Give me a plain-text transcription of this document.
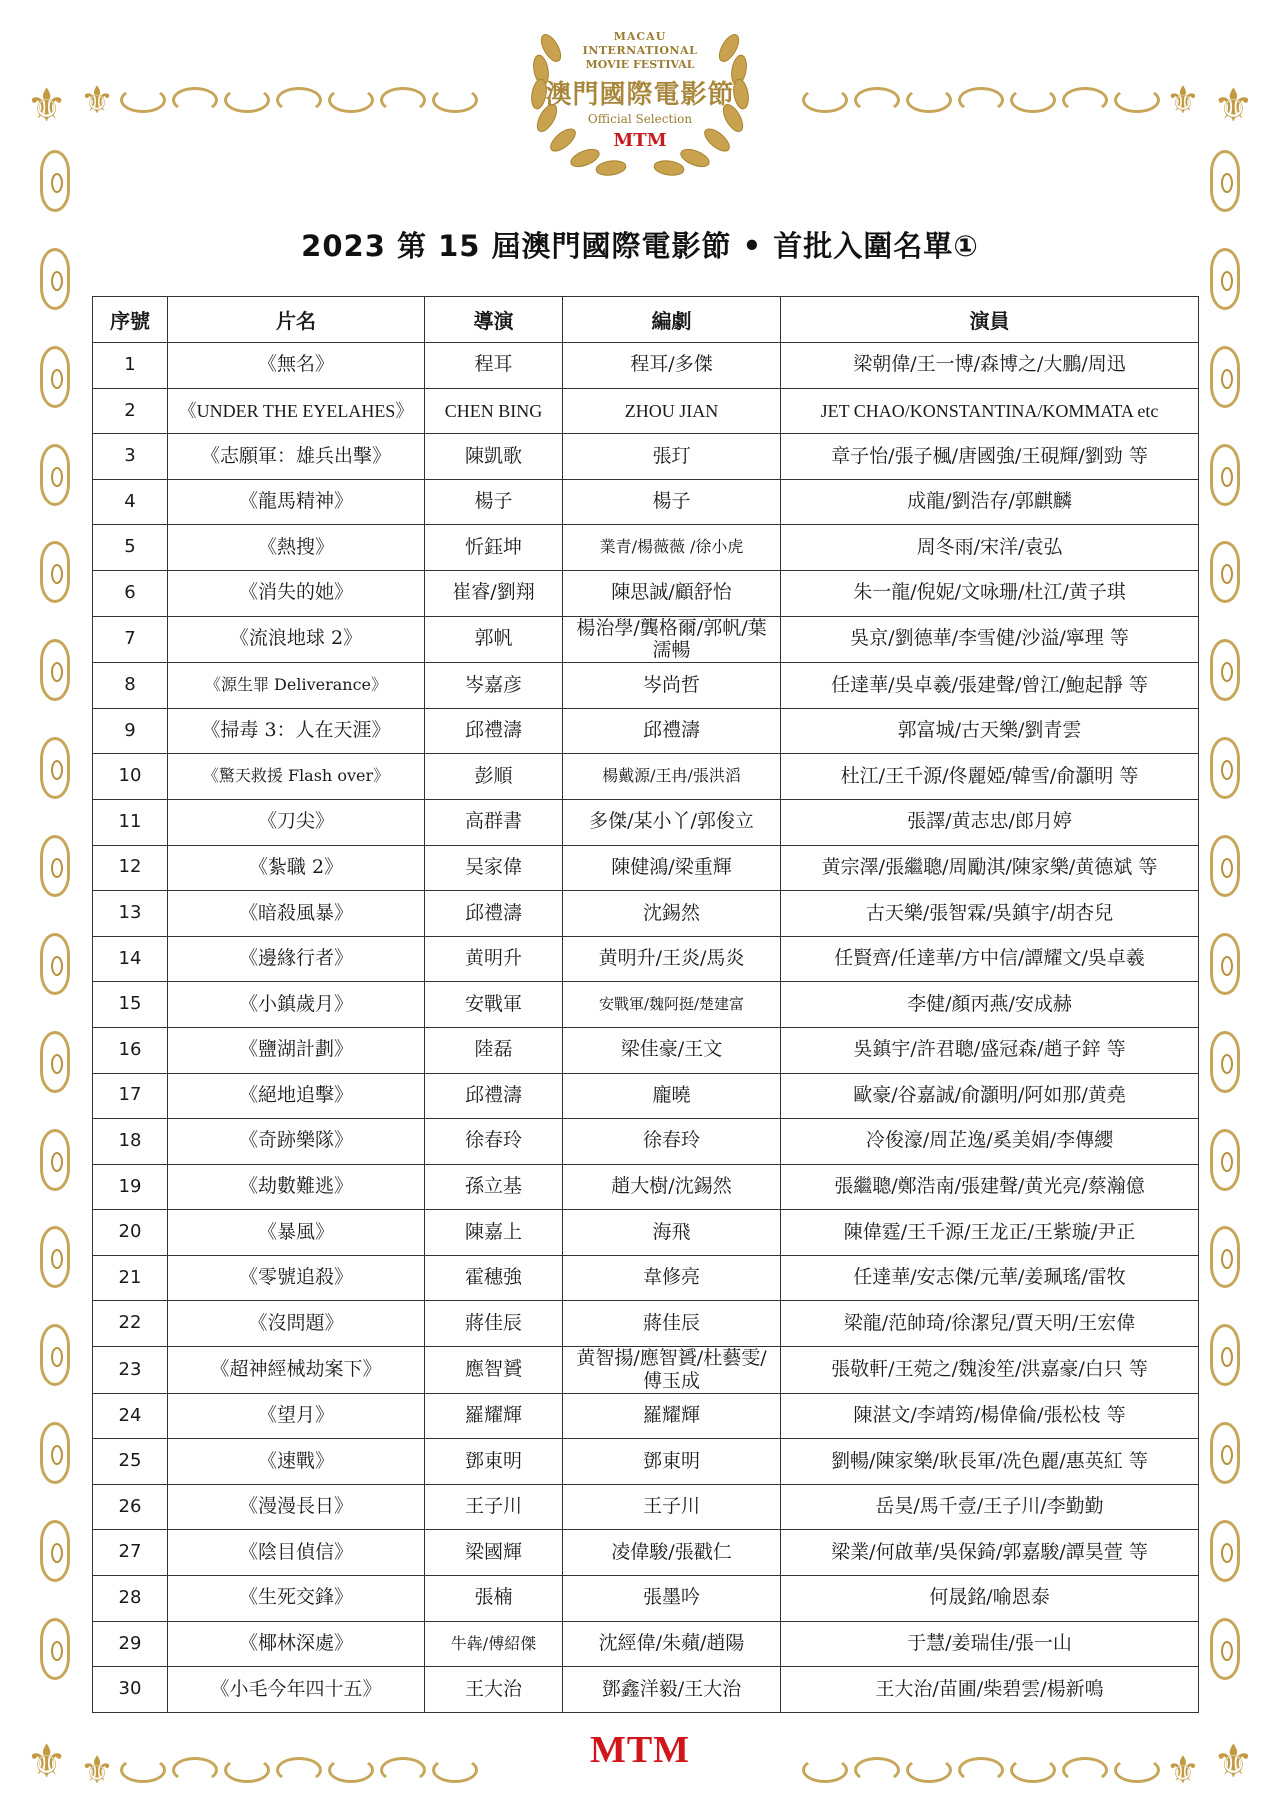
⚜	⚜
⚜	⚜
⚜	⚜
⚜	⚜
MACAU
INTERNATIONAL
MOVIE FESTIVAL
澳門國際電影節
Official Selection
MTM
2023 第 15 屆澳門國際電影節 • 首批入圍名單①
序號	片名	導演	編劇	演員
1	《無名》	程耳	程耳/多傑	梁朝偉/王一博/森博之/大鵬/周迅
2	《UNDER THE EYELAHES》	CHEN BING	ZHOU JIAN	JET CHAO/KONSTANTINA/KOMMATA etc
3	《志願軍：雄兵出擊》	陳凱歌	張玎	章子怡/張子楓/唐國強/王硯輝/劉勁 等
4	《龍馬精神》	楊子	楊子	成龍/劉浩存/郭麒麟
5	《熱搜》	忻鈺坤	業青/楊薇薇 /徐小虎	周冬雨/宋洋/袁弘
6	《消失的她》	崔睿/劉翔	陳思誠/顧舒怡	朱一龍/倪妮/文咏珊/杜江/黄子琪
7	《流浪地球 2》	郭帆	楊治學/龔格爾/郭帆/葉濡暢	吳京/劉德華/李雪健/沙溢/寧理 等
8	《源生罪 Deliverance》	岑嘉彦	岑尚哲	任達華/吳卓羲/張建聲/曾江/鮑起靜 等
9	《掃毒 3：人在天涯》	邱禮濤	邱禮濤	郭富城/古天樂/劉青雲
10	《驚天救援 Flash over》	彭順	楊戴源/王冉/張洪滔	杜江/王千源/佟麗婭/韓雪/俞灝明 等
11	《刀尖》	高群書	多傑/某小丫/郭俊立	張譯/黄志忠/郎月婷
12	《紮職 2》	吴家偉	陳健鴻/梁重輝	黄宗澤/張繼聰/周勵淇/陳家樂/黄德斌 等
13	《暗殺風暴》	邱禮濤	沈錫然	古天樂/張智霖/吳鎮宇/胡杏兒
14	《邊緣行者》	黄明升	黄明升/王炎/馬炎	任賢齊/任達華/方中信/譚耀文/吳卓羲
15	《小鎮歲月》	安戰軍	安戰軍/魏阿挺/楚建富	李健/顏丙燕/安成赫
16	《鹽湖計劃》	陸磊	梁佳豪/王文	吳鎮宇/許君聰/盛冠森/趙子鋅 等
17	《絕地追擊》	邱禮濤	龐曉	歐豪/谷嘉誠/俞灝明/阿如那/黄堯
18	《奇跡樂隊》	徐春玲	徐春玲	冷俊濠/周芷逸/奚美娟/李傳纓
19	《劫數難逃》	孫立基	趙大樹/沈錫然	張繼聰/鄭浩南/張建聲/黄光亮/蔡瀚億
20	《暴風》	陳嘉上	海飛	陳偉霆/王千源/王龙正/王紫璇/尹正
21	《零號追殺》	霍穗強	韋修亮	任達華/安志傑/元華/姜珮瑤/雷牧
22	《沒問題》	蔣佳辰	蔣佳辰	梁龍/范帥琦/徐潔兒/賈天明/王宏偉
23	《超神經械劫案下》	應智贇	黄智揚/應智贇/杜藝雯/傅玉成	張敬軒/王菀之/魏浚笙/洪嘉豪/白只 等
24	《望月》	羅耀輝	羅耀輝	陳湛文/李靖筠/楊偉倫/張松枝 等
25	《速戰》	鄧東明	鄧東明	劉暢/陳家樂/耿長軍/冼色麗/惠英紅 等
26	《漫漫長日》	王子川	王子川	岳昊/馬千壹/王子川/李勤勤
27	《陰目偵信》	梁國輝	凌偉駿/張戳仁	梁業/何啟華/吳保錡/郭嘉駿/譚昊萱 等
28	《生死交鋒》	張楠	張墨吟	何晟銘/喻恩泰
29	《椰林深處》	牛犇/傅紹傑	沈經偉/朱蘋/趙陽	于慧/姜瑞佳/張一山
30	《小毛今年四十五》	王大治	鄧鑫洋毅/王大治	王大治/苗圃/柴碧雲/楊新鳴
MTM
